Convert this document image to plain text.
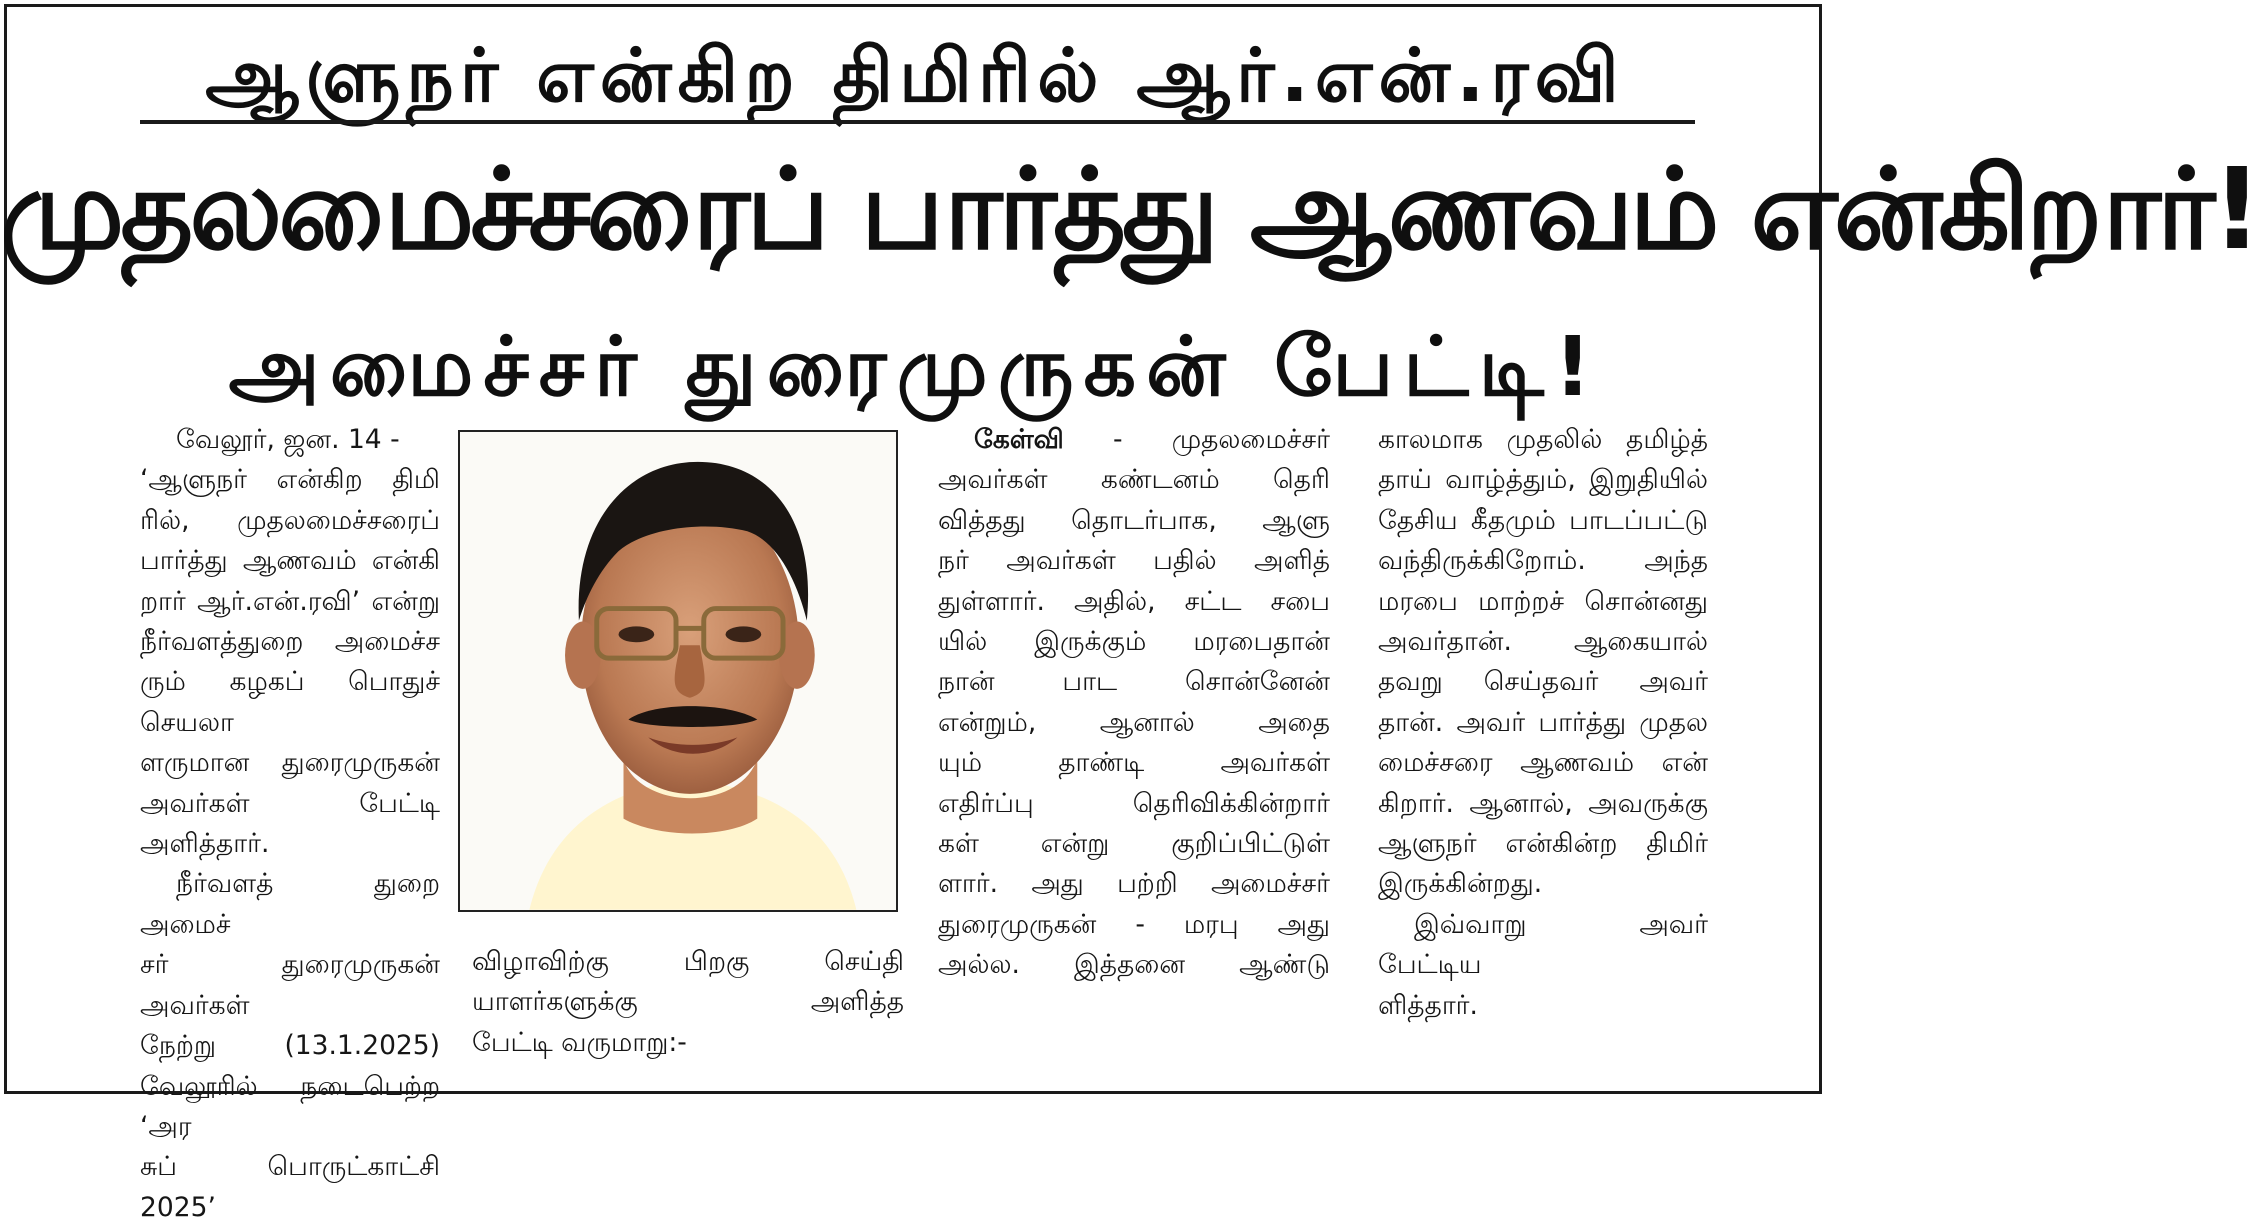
ஆளுநர் என்கிற திமிரில் ஆர்.என்.ரவி
முதலமைச்சரைப் பார்த்து ஆணவம் என்கிறார்!
அமைச்சர் துரைமுருகன் பேட்டி!

வேலூர், ஜன. 14 -

‘ஆளுநர் என்கிற திமி

ரில், முதலமைச்சரைப்

பார்த்து ஆணவம் என்கி

றார் ஆர்.என்.ரவி’ என்று

நீர்வளத்துறை அமைச்ச

ரும் கழகப் பொதுச் செயலா

ளருமான துரைமுருகன்

அவர்கள் பேட்டி அளித்தார்.

நீர்வளத் துறை அமைச்

சர் துரைமுருகன் அவர்கள்

நேற்று (13.1.2025)

வேலூரில் நடைபெற்ற ‘அர

சுப் பொருட்காட்சி 2025’

விழாவிற்கு பிறகு செய்தி

யாளர்களுக்கு அளித்த

பேட்டி வருமாறு:-

கேள்வி - முதலமைச்சர்

அவர்கள் கண்டனம் தெரி

வித்தது தொடர்பாக, ஆளு

நர் அவர்கள் பதில் அளித்

துள்ளார். அதில், சட்ட சபை

யில் இருக்கும் மரபைதான்

நான் பாட சொன்னேன்

என்றும், ஆனால் அதை

யும் தாண்டி அவர்கள்

எதிர்ப்பு தெரிவிக்கின்றார்

கள் என்று குறிப்பிட்டுள்

ளார். அது பற்றி அமைச்சர்

துரைமுருகன் - மரபு அது

அல்ல. இத்தனை ஆண்டு

காலமாக முதலில் தமிழ்த்

தாய் வாழ்த்தும், இறுதியில்

தேசிய கீதமும் பாடப்பட்டு

வந்திருக்கிறோம். அந்த

மரபை மாற்றச் சொன்னது

அவர்தான். ஆகையால்

தவறு செய்தவர் அவர்

தான். அவர் பார்த்து முதல

மைச்சரை ஆணவம் என்

கிறார். ஆனால், அவருக்கு

ஆளுநர் என்கின்ற திமிர்

இருக்கின்றது.

இவ்வாறு அவர் பேட்டிய

ளித்தார்.
